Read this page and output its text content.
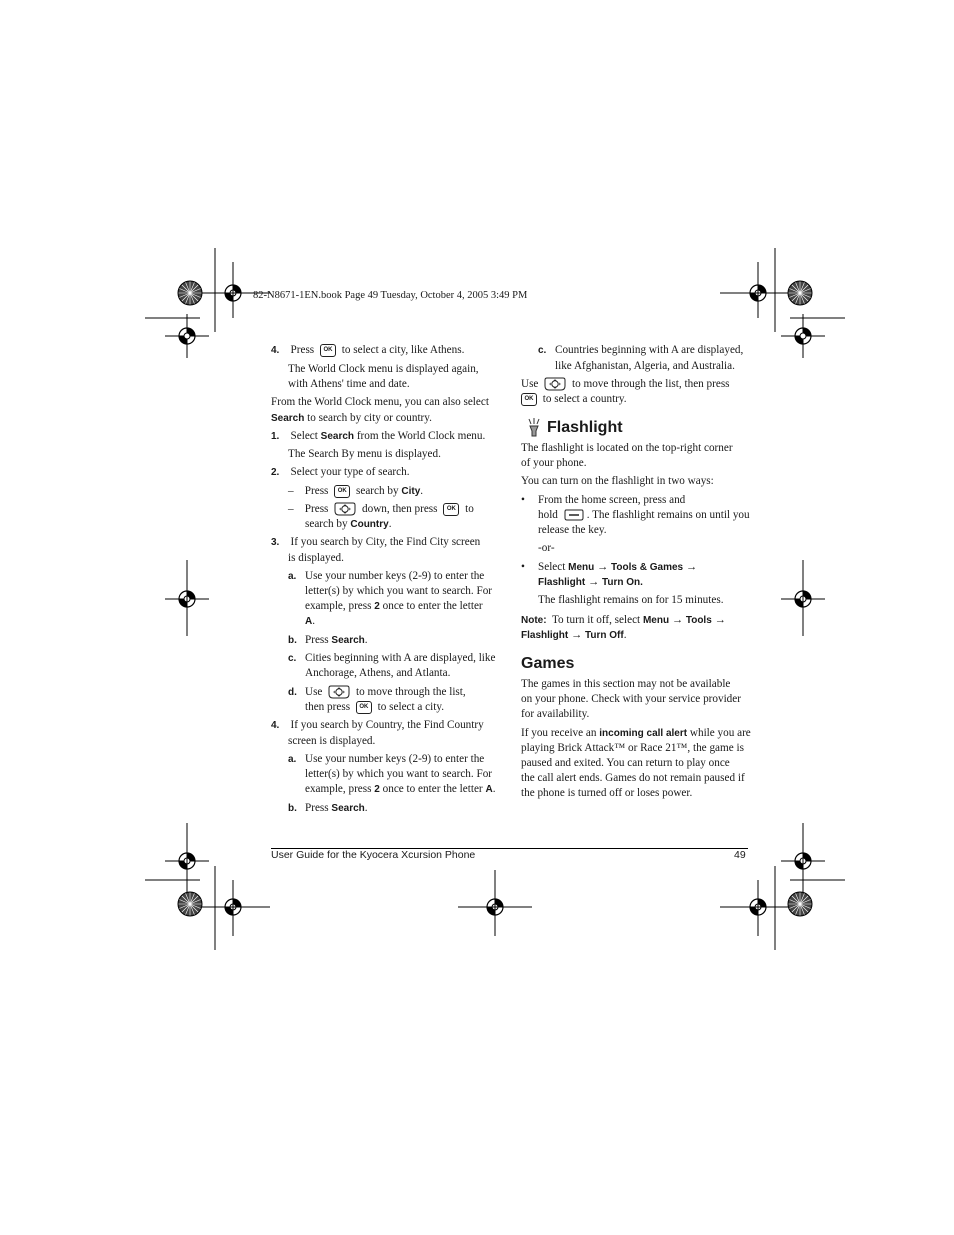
82-N8671-1EN.book Page 49 Tuesday, October 4, 2005 3:49 PM
4. Press OK to select a city, like Athens.
The World Clock menu is displayed again,
with Athens' time and date.
From the World Clock menu, you can also select
Search to search by city or country.
1. Select Search from the World Clock menu.
The Search By menu is displayed.
2. Select your type of search.
– Press OK search by City.
– Press	down, then press OK to
search by Country.
3. If you search by City, the Find City screen
is displayed.
a. Use your number keys (2-9) to enter the
letter(s) by which you want to search. For
example, press 2 once to enter the letter
A.
b. Press Search.
c. Cities beginning with A are displayed, like
Anchorage, Athens, and Atlanta.
d. Use	to move through the list,
then press OK to select a city.
4. If you search by Country, the Find Country
screen is displayed.
a. Use your number keys (2-9) to enter the
letter(s) by which you want to search. For
example, press 2 once to enter the letter A.
b. Press Search.
c. Countries beginning with A are displayed,
like Afghanistan, Algeria, and Australia.
Use	to move through the list, then press
OK to select a country.
Flashlight
The flashlight is located on the top-right corner
of your phone.
You can turn on the flashlight in two ways:
• From the home screen, press and
hold	. The flashlight remains on until you
release the key.
-or-
• Select Menu → Tools & Games →
Flashlight → Turn On.
The flashlight remains on for 15 minutes.
Note: To turn it off, select Menu → Tools →
Flashlight → Turn Off.
Games
The games in this section may not be available
on your phone. Check with your service provider
for availability.
If you receive an incoming call alert while you are
playing Brick Attack™ or Race 21™, the game is
paused and exited. You can return to play once
the call alert ends. Games do not remain paused if
the phone is turned off or loses power.
User Guide for the Kyocera Xcursion Phone	49
